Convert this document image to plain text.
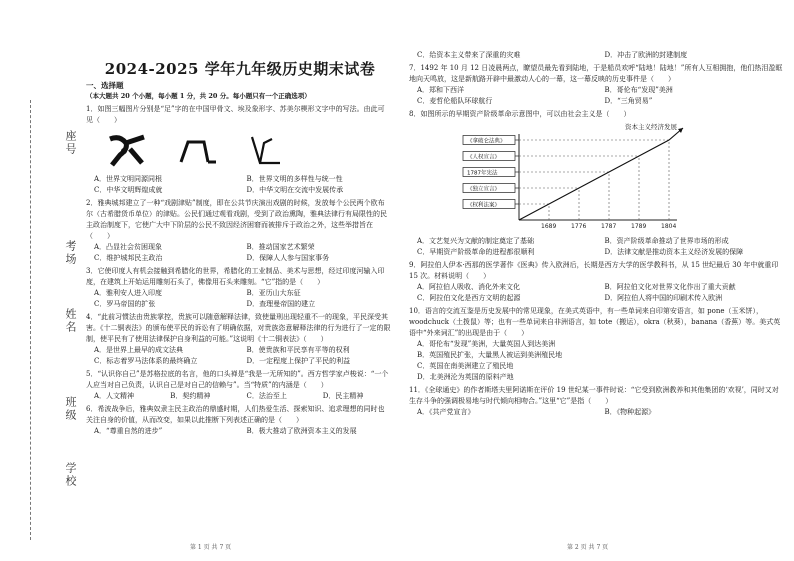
座号
考场
姓名
班级
学校
2024-2025 学年九年级历史期末试卷
一、选择题
（本大题共 20 个小题，每小题 1 分，共 20 分。每小题只有一个正确选项）
1．如图三幅图片分别是“足”字的在中国甲骨文、埃及象形字、苏美尔楔形文字中的写法。由此可见（　　）
A．世界文明同源同根	B．世界文明的多样性与统一性
C．中华文明辉煌成就	D．中华文明在交流中发展传承
2．雅典城邦建立了一种“戏剧津贴”制度，即在公共节庆演出戏剧的时候，发放每个公民两个欧布尔（古希腊货币单位）的津贴。公民们通过观看戏剧，受到了政治熏陶，雅典法律行有局限性的民主政治制度下，它使广大中下阶层的公民不致因经济困窘而被排斥于政治之外，这些举措旨在（　　）
A．凸显社会贫困现象	B．推动国家艺术繁荣
C．维护城邦民主政治	D．保障人人参与国家事务
3．它使印度人有机会接触到希腊化的世界，希腊化的工业制品、美术与思想，经过印度河输入印度，在建筑上开始运用雕刻石头了，佛像用石头来雕刻。“它”指的是（　　）
A．雅利安人进入印度	B．亚历山大东征
C．罗马帝国的扩张	D．查理曼帝国的建立
4．“此前习惯法由贵族掌控，贵族可以随意解释法律，致使量刑出现轻重不一的现象，平民深受其害。《十二铜表法》的颁布使平民的诉讼有了明确依据，对贵族恣意解释法律的行为进行了一定的限制，使平民有了使用法律保护自身利益的可能。”这说明《十二铜表法》（　　）
A．是世界上最早的成文法典	B．使贵族和平民享有平等的权利
C．标志着罗马法体系的最终确立	D．一定程度上保护了平民的利益
5．“认识你自己”是苏格拉底的名言，他的口头禅是“我是一无所知的”。西方哲学家卢梭说：“一个人应当对自己负责，认识自己是对自己的信赖与”。当“特质”的内涵是（　　）
A．人文精神	B．契约精神	C．法治至上	D．民主精神
6．希波战争后，雅典奴隶主民主政治的鼎盛时期，人们热爱生活、探索知识、追求理想的同时也关注自身的价值，从而改变，如果以此推断下列表述正确的是（　　）
A．“尊重自然的进步”	B．极大推动了欧洲资本主义的发展
第 1 页 共 7 页
C．给资本主义带来了深重的灾难	D．冲击了欧洲的封建制度
7．1492 年 10 月 12 日凌晨两点，瞭望员最先看到陆地，于是船员欢呼“陆地！陆地！”所有人互相拥抱，他们热泪盈眶地向天鸣放，这是新航路开辟中最激动人心的一幕，这一幕反映的历史事件是（　　）
A．郑和下西洋	B．哥伦布“发现”美洲
C．麦哲伦船队环球航行	D．“三角贸易”
8．如图所示的早期资产阶级革命示意图中，可以由社会主义是（　　）
资本主义经济发展
1689
《权利法案》
1776
《独立宣言》
1787
1787年宪法
1789
《人权宣言》
1804
《拿破仑法典》
A．文艺复兴为文献的制定奠定了基础	B．资产阶级革命推动了世界市场的形成
C．早期资产阶级革命的进程都很顺利	D．法律文献是推动资本主义经济发展的保障
9．阿拉伯人伊本·西那的医学著作《医典》传入欧洲后，长期是西方大学的医学教科书，从 15 世纪最后 30 年中就重印 15 次。材料说明（　　）
A．阿拉伯人吸收、消化外来文化	B．阿拉伯文化对世界文化作出了重大贡献
C．阿拉伯文化是西方文明的起源	D．阿拉伯人将中国的印刷术传入欧洲
10．语言的交流互鉴是历史发展中的常见现象，在美式英语中，有一些单词来自印第安语言，如 pone（玉米饼），woodchuck（土拨鼠）等；也有一些单词来自非洲语言，如 tote（搬运），okra（秋葵），banana（香蕉）等。美式英语中“外来词汇”的出现是由于（　　）
A．哥伦布“发现”美洲，大量英国人到达美洲
B．英国殖民扩张，大量黑人被运到美洲殖民地
C．英国在南美洲建立了殖民地
D．北美洲沦为英国的原料产地
11．《全球通史》的作者斯塔夫里阿诺斯在评价 19 世纪某一事件时说：“它受到欧洲教养和其他集团的‘欢视’，同时又对生存斗争的强调极易地与时代倾向相吻合。”这里“它”是指（　　）
A．《共产党宣言》	B．《物种起源》
第 2 页 共 7 页
